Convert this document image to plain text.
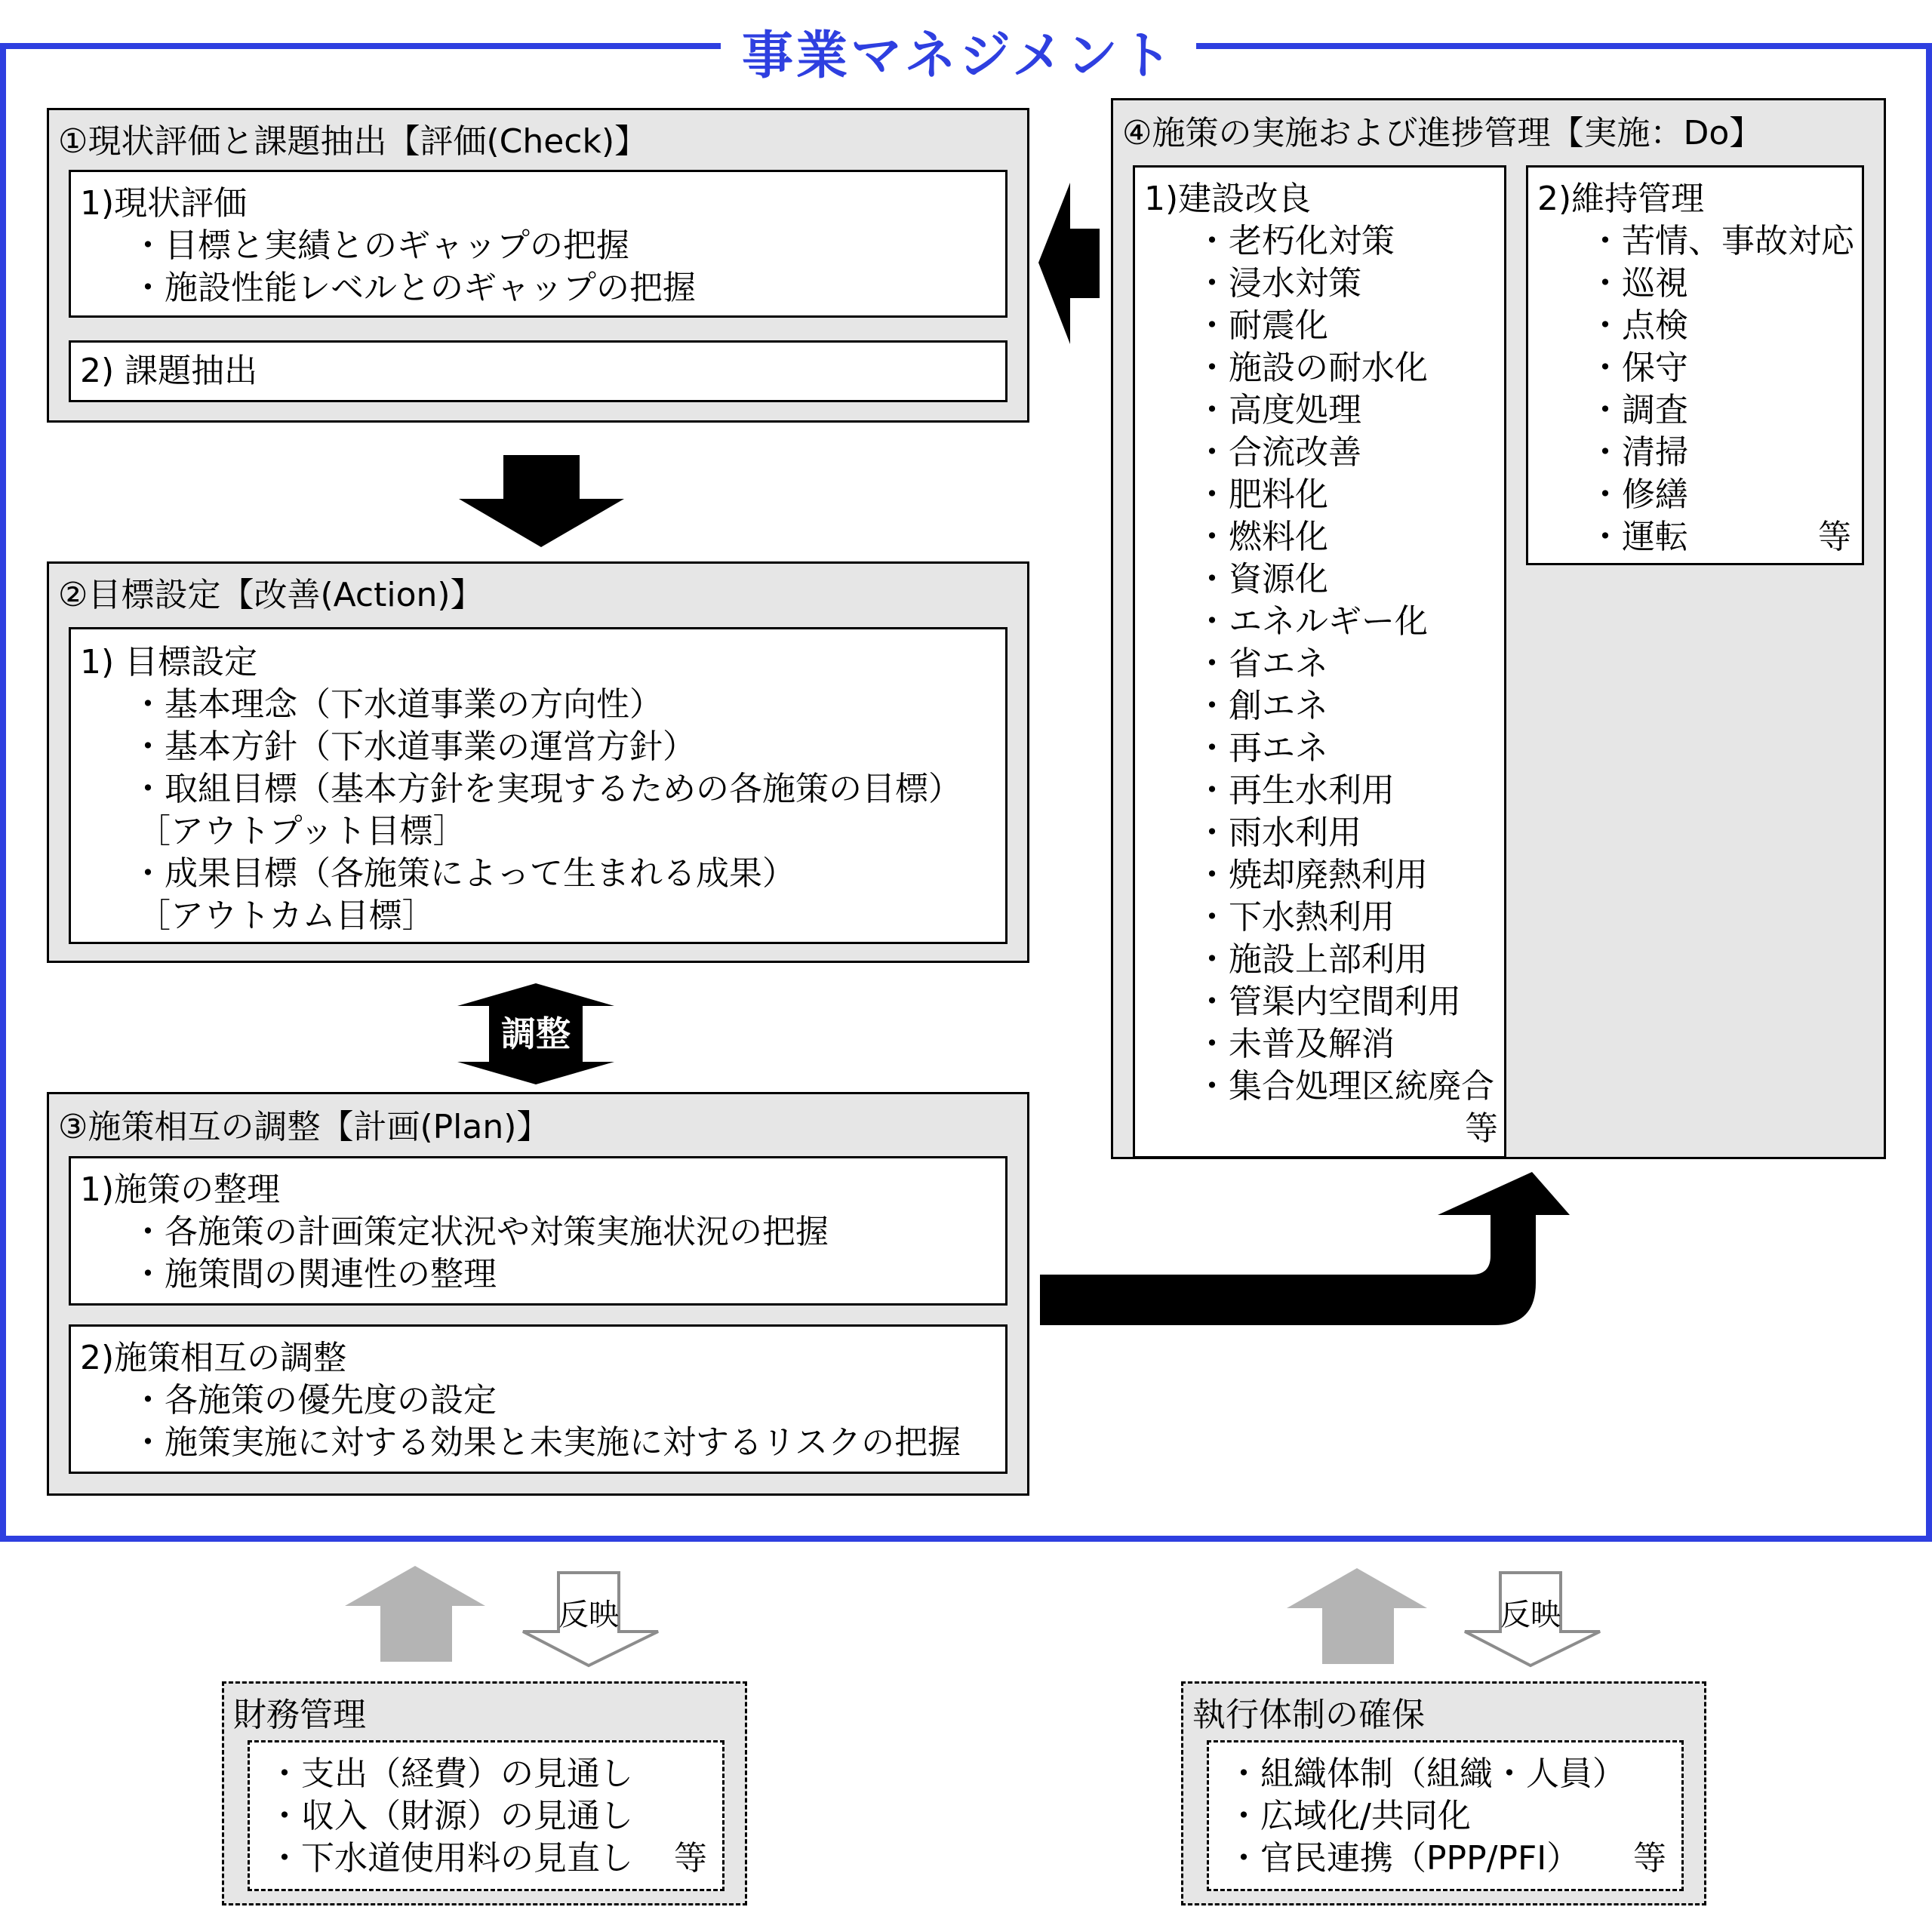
事業マネジメント
①現状評価と課題抽出【評価(Check)】
1)現状評価
・目標と実績とのギャップの把握
・施設性能レベルとのギャップの把握
2) 課題抽出
②目標設定【改善(Action)】
1) 目標設定
・基本理念（下水道事業の方向性）
・基本方針（下水道事業の運営方針）
・取組目標（基本方針を実現するための各施策の目標）
［アウトプット目標］
・成果目標（各施策によって生まれる成果）
［アウトカム目標］
調整
③施策相互の調整【計画(Plan)】
1)施策の整理
・各施策の計画策定状況や対策実施状況の把握
・施策間の関連性の整理
2)施策相互の調整
・各施策の優先度の設定
・施策実施に対する効果と未実施に対するリスクの把握
④施策の実施および進捗管理【実施：Do】
1)建設改良
・老朽化対策
・浸水対策
・耐震化
・施設の耐水化
・高度処理
・合流改善
・肥料化
・燃料化
・資源化
・エネルギー化
・省エネ
・創エネ
・再エネ
・再生水利用
・雨水利用
・焼却廃熱利用
・下水熱利用
・施設上部利用
・管渠内空間利用
・未普及解消
・集合処理区統廃合
等
2)維持管理
・苦情、事故対応
・巡視
・点検
・保守
・調査
・清掃
・修繕
・運転	等
反映	反映
財務管理
・支出（経費）の見通し
・収入（財源）の見通し
・下水道使用料の見直し	等
執行体制の確保
・組織体制（組織・人員）
・広域化/共同化
・官民連携（PPP/PFI）	等
